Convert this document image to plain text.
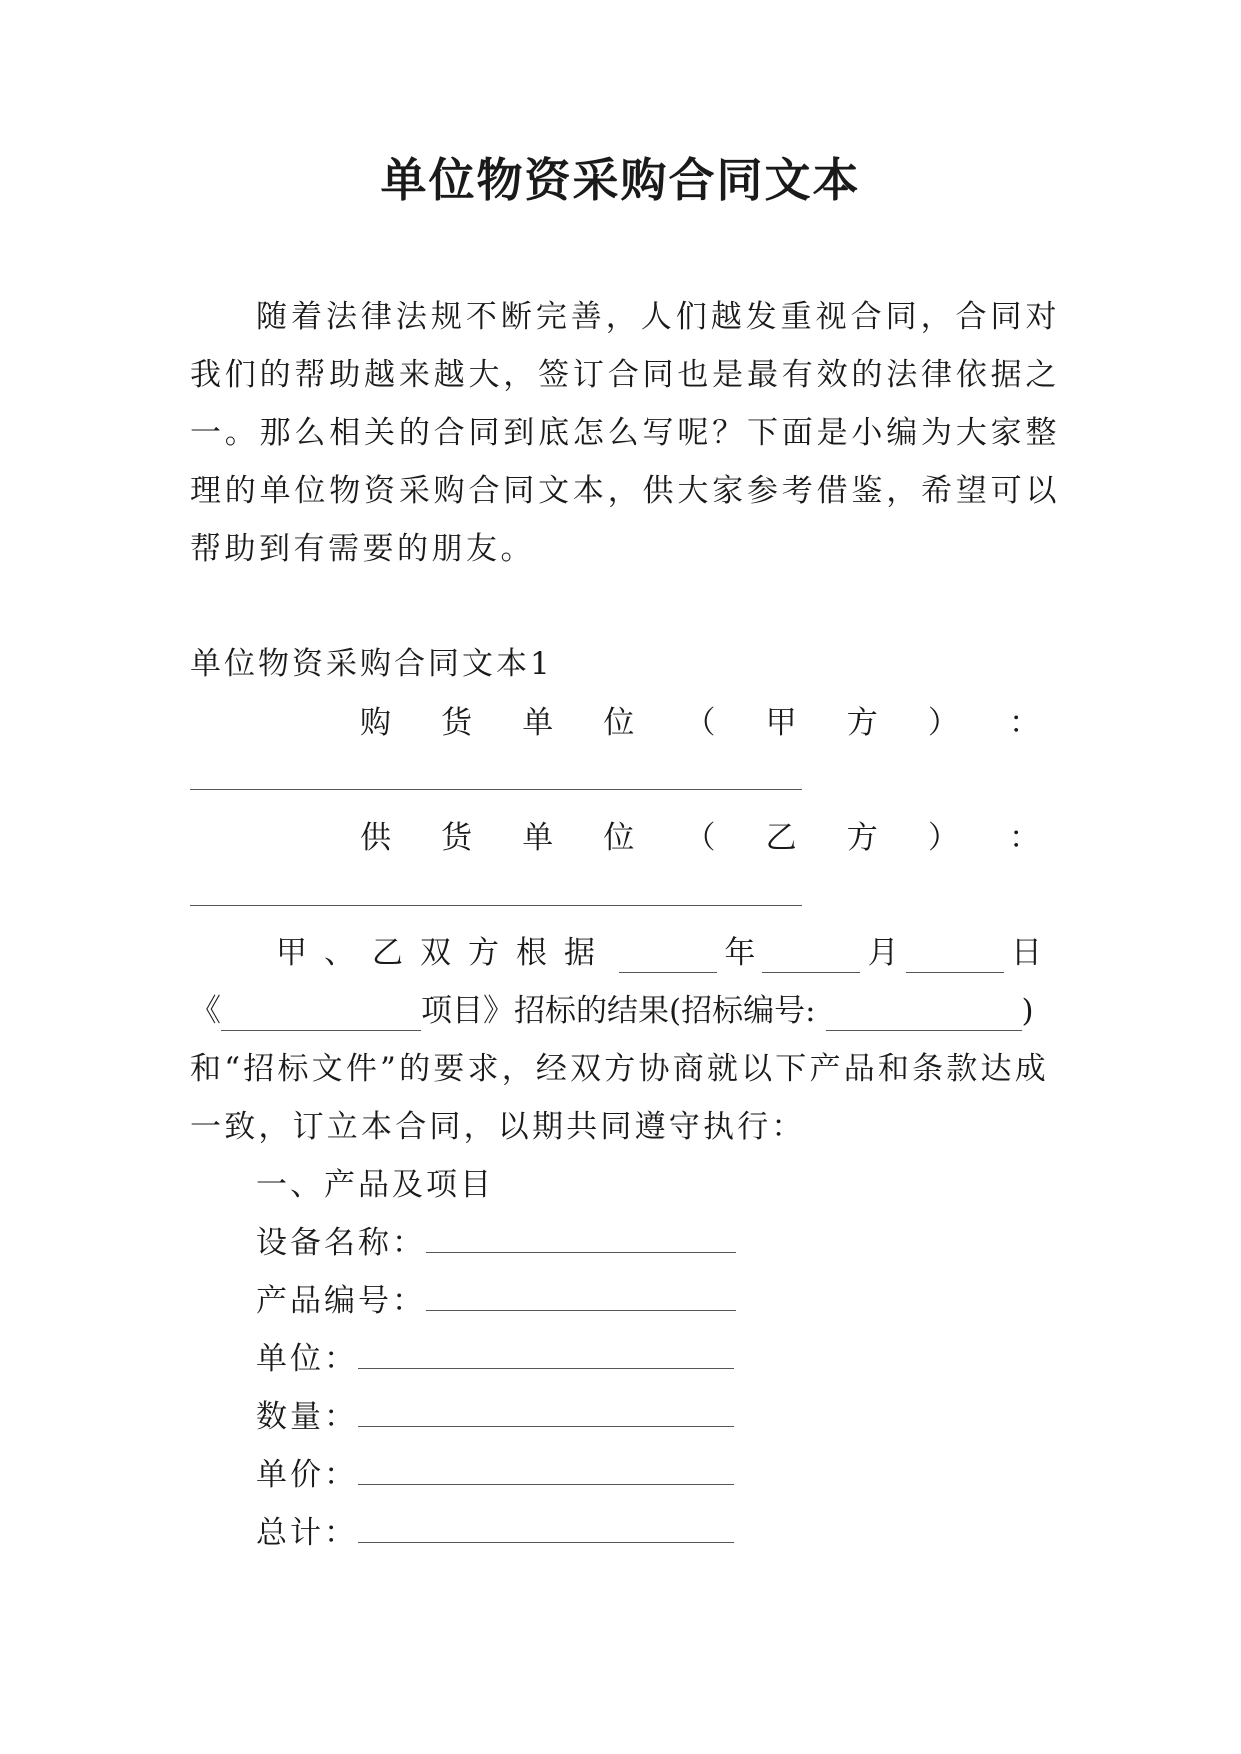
单位物资采购合同文本

随着法律法规不断完善，人们越发重视合同，合同对我们的帮助越来越大，签订合同也是最有效的法律依据之一。那么相关的合同到底怎么写呢？下面是小编为大家整理的单位物资采购合同文本，供大家参考借鉴，希望可以帮助到有需要的朋友。

单位物资采购合同文本1
购 货 单 位 （ 甲 方 ） ：
供 货 单 位 （ 乙 方 ） ：
甲、乙双方根据	年	月	日
《	项目》招标的结果(招标编号:	)
和“招标文件”的要求，经双方协商就以下产品和条款达成
一致，订立本合同，以期共同遵守执行：
一、产品及项目
设备名称：
产品编号：
单位：
数量：
单价：
总计：
